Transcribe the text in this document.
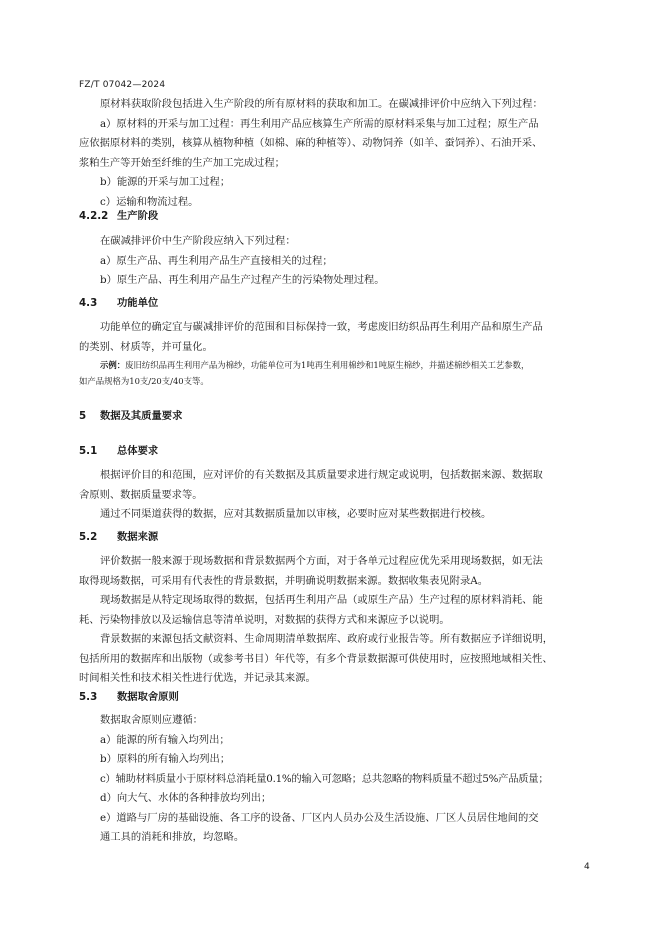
FZ/T 07042—2024

原材料获取阶段包括进入生产阶段的所有原材料的获取和加工。在碳减排评价中应纳入下列过程：

a）原材料的开采与加工过程：再生利用产品应核算生产所需的原材料采集与加工过程；原生产品

应依据原材料的类别，核算从植物种植（如棉、麻的种植等）、动物饲养（如羊、蚕饲养）、石油开采、

浆粕生产等开始至纤维的生产加工完成过程；

b）能源的开采与加工过程；

c）运输和物流过程。

4.2.2 生产阶段

在碳减排评价中生产阶段应纳入下列过程：

a）原生产品、再生利用产品生产直接相关的过程；

b）原生产品、再生利用产品生产过程产生的污染物处理过程。

4.3 功能单位

功能单位的确定宜与碳减排评价的范围和目标保持一致，考虑废旧纺织品再生利用产品和原生产品

的类别、材质等，并可量化。

示例：废旧纺织品再生利用产品为棉纱，功能单位可为1吨再生利用棉纱和1吨原生棉纱，并描述棉纱相关工艺参数，

如产品规格为10支/20支/40支等。

5 数据及其质量要求

5.1 总体要求

根据评价目的和范围，应对评价的有关数据及其质量要求进行规定或说明，包括数据来源、数据取

舍原则、数据质量要求等。

通过不同渠道获得的数据，应对其数据质量加以审核，必要时应对某些数据进行校核。

5.2 数据来源

评价数据一般来源于现场数据和背景数据两个方面，对于各单元过程应优先采用现场数据，如无法

取得现场数据，可采用有代表性的背景数据，并明确说明数据来源。数据收集表见附录A。

现场数据是从特定现场取得的数据，包括再生利用产品（或原生产品）生产过程的原材料消耗、能

耗、污染物排放以及运输信息等清单说明，对数据的获得方式和来源应予以说明。

背景数据的来源包括文献资料、生命周期清单数据库、政府或行业报告等。所有数据应予详细说明，

包括所用的数据库和出版物（或参考书目）年代等，有多个背景数据源可供使用时，应按照地域相关性、

时间相关性和技术相关性进行优选，并记录其来源。

5.3 数据取舍原则

数据取舍原则应遵循：

a）能源的所有输入均列出；

b）原料的所有输入均列出；

c）辅助材料质量小于原材料总消耗量0.1%的输入可忽略；总共忽略的物料质量不超过5%产品质量；

d）向大气、水体的各种排放均列出；

e）道路与厂房的基础设施、各工序的设备、厂区内人员办公及生活设施、厂区人员居住地间的交

通工具的消耗和排放，均忽略。

4
